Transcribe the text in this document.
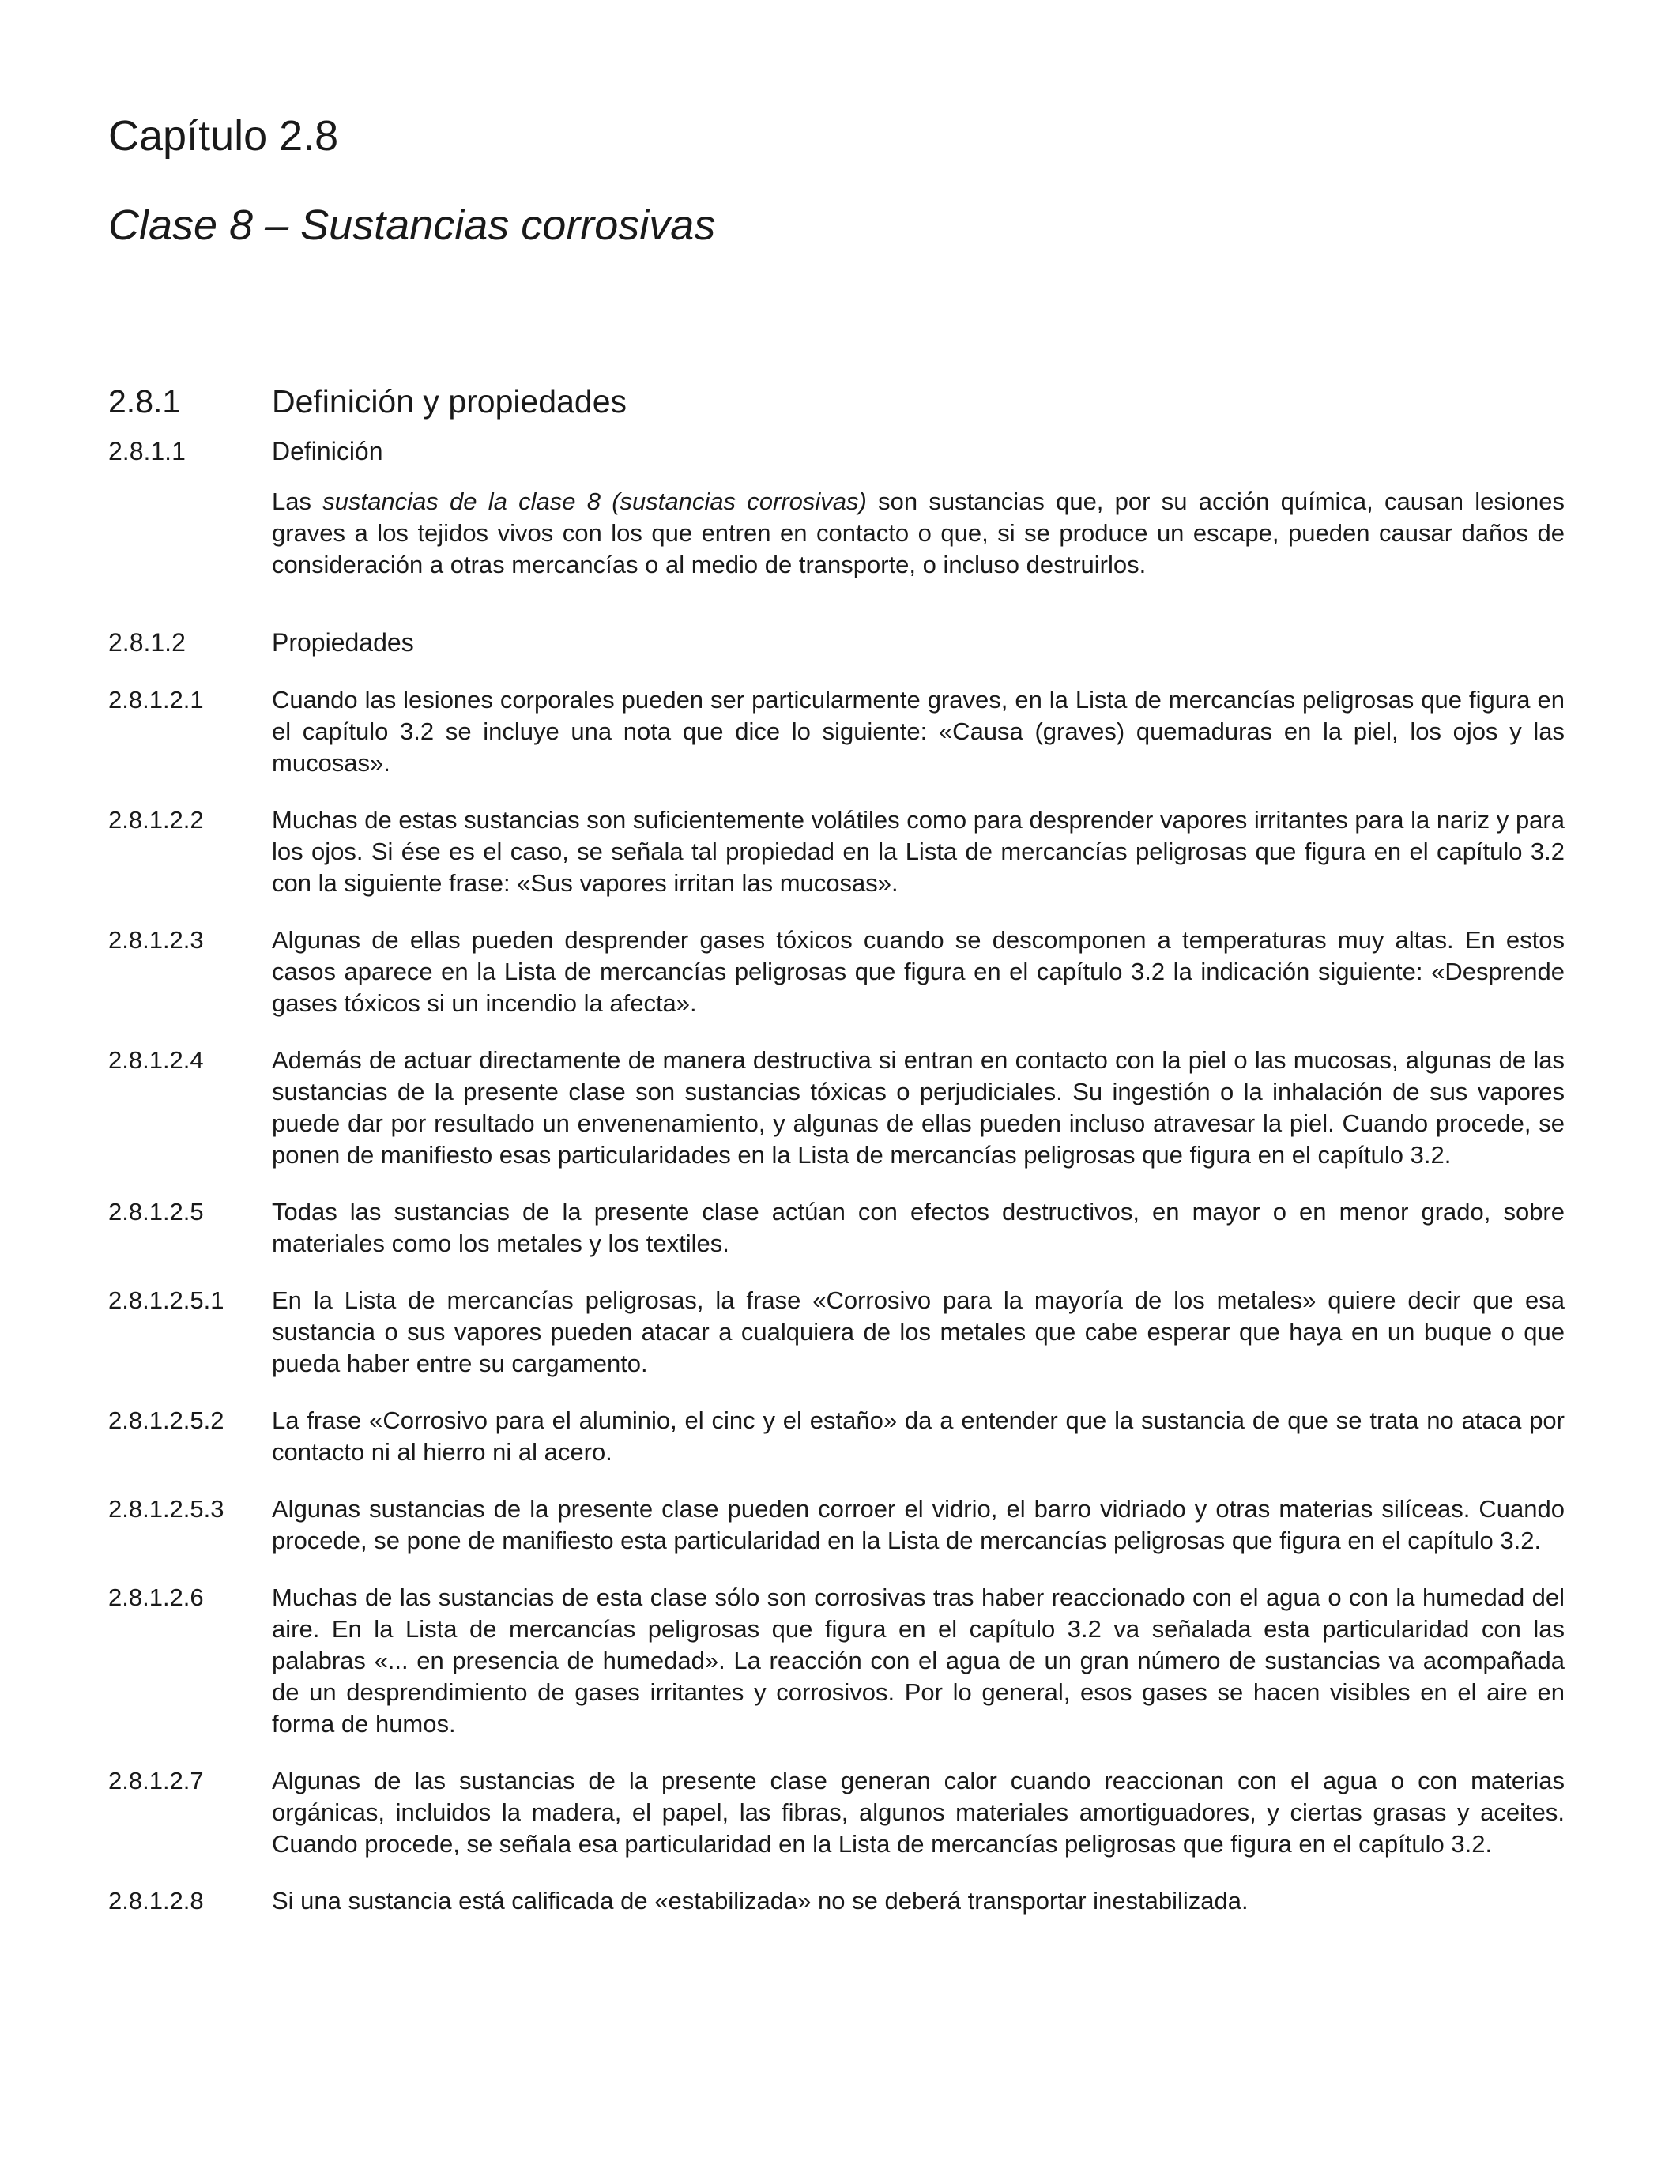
Capítulo 2.8
Clase 8 – Sustancias corrosivas
2.8.1	Definición y propiedades
2.8.1.1	Definición
Las sustancias de la clase 8 (sustancias corrosivas) son sustancias que, por su acción química, causan lesiones graves a los tejidos vivos con los que entren en contacto o que, si se produce un escape, pueden causar daños de consideración a otras mercancías o al medio de transporte, o incluso destruirlos.
2.8.1.2	Propiedades
2.8.1.2.1	Cuando las lesiones corporales pueden ser particularmente graves, en la Lista de mercancías peligrosas que figura en el capítulo 3.2 se incluye una nota que dice lo siguiente: «Causa (graves) quemaduras en la piel, los ojos y las mucosas».
2.8.1.2.2	Muchas de estas sustancias son suficientemente volátiles como para desprender vapores irritantes para la nariz y para los ojos. Si ése es el caso, se señala tal propiedad en la Lista de mercancías peligrosas que figura en el capítulo 3.2 con la siguiente frase: «Sus vapores irritan las mucosas».
2.8.1.2.3	Algunas de ellas pueden desprender gases tóxicos cuando se descomponen a temperaturas muy altas. En estos casos aparece en la Lista de mercancías peligrosas que figura en el capítulo 3.2 la indicación siguiente: «Desprende gases tóxicos si un incendio la afecta».
2.8.1.2.4	Además de actuar directamente de manera destructiva si entran en contacto con la piel o las mucosas, algunas de las sustancias de la presente clase son sustancias tóxicas o perjudiciales. Su ingestión o la inhalación de sus vapores puede dar por resultado un envenenamiento, y algunas de ellas pueden incluso atravesar la piel. Cuando procede, se ponen de manifiesto esas particularidades en la Lista de mercancías peligrosas que figura en el capítulo 3.2.
2.8.1.2.5	Todas las sustancias de la presente clase actúan con efectos destructivos, en mayor o en menor grado, sobre materiales como los metales y los textiles.
2.8.1.2.5.1	En la Lista de mercancías peligrosas, la frase «Corrosivo para la mayoría de los metales» quiere decir que esa sustancia o sus vapores pueden atacar a cualquiera de los metales que cabe esperar que haya en un buque o que pueda haber entre su cargamento.
2.8.1.2.5.2	La frase «Corrosivo para el aluminio, el cinc y el estaño» da a entender que la sustancia de que se trata no ataca por contacto ni al hierro ni al acero.
2.8.1.2.5.3	Algunas sustancias de la presente clase pueden corroer el vidrio, el barro vidriado y otras materias silíceas. Cuando procede, se pone de manifiesto esta particularidad en la Lista de mercancías peligrosas que figura en el capítulo 3.2.
2.8.1.2.6	Muchas de las sustancias de esta clase sólo son corrosivas tras haber reaccionado con el agua o con la humedad del aire. En la Lista de mercancías peligrosas que figura en el capítulo 3.2 va señalada esta particularidad con las palabras «... en presencia de humedad». La reacción con el agua de un gran número de sustancias va acompañada de un desprendimiento de gases irritantes y corrosivos. Por lo general, esos gases se hacen visibles en el aire en forma de humos.
2.8.1.2.7	Algunas de las sustancias de la presente clase generan calor cuando reaccionan con el agua o con materias orgánicas, incluidos la madera, el papel, las fibras, algunos materiales amortiguadores, y ciertas grasas y aceites. Cuando procede, se señala esa particularidad en la Lista de mercancías peligrosas que figura en el capítulo 3.2.
2.8.1.2.8	Si una sustancia está calificada de «estabilizada» no se deberá transportar inestabilizada.
